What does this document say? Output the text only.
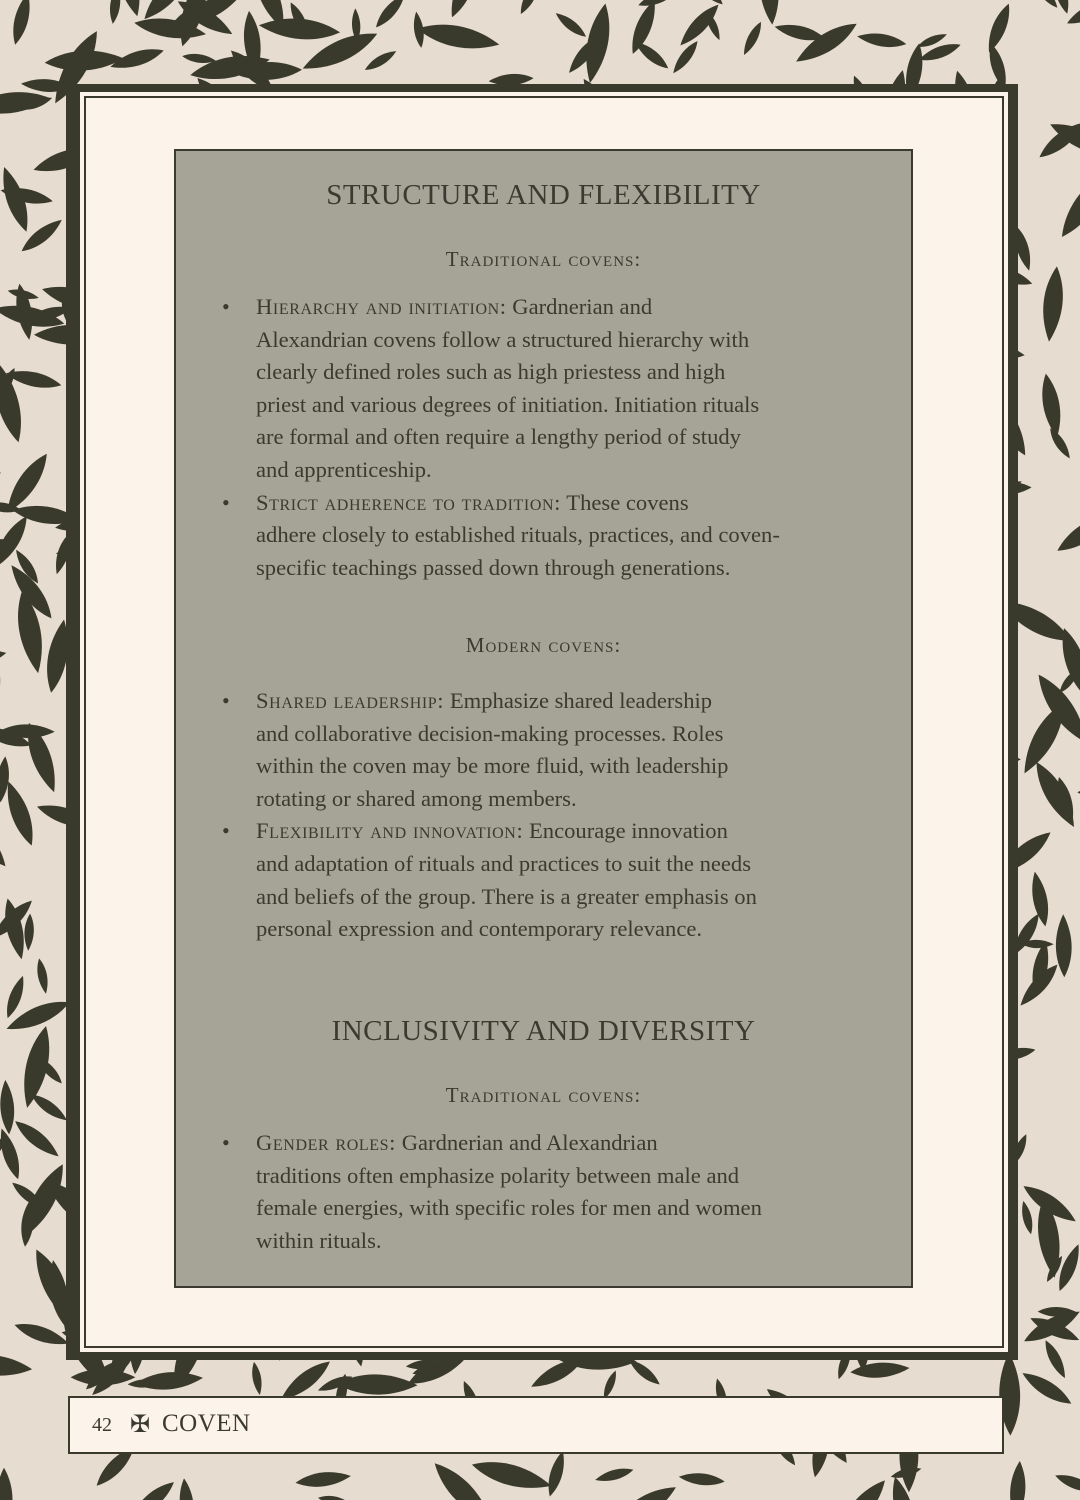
STRUCTURE AND FLEXIBILITY
Traditional covens:
• Hierarchy and initiation: Gardnerian and
Alexandrian covens follow a structured hierarchy with
clearly defined roles such as high priestess and high
priest and various degrees of initiation. Initiation rituals
are formal and often require a lengthy period of study
and apprenticeship.
• Strict adherence to tradition: These covens
adhere closely to established rituals, practices, and coven-
specific teachings passed down through generations.
Modern covens:
• Shared leadership: Emphasize shared leadership
and collaborative decision-making processes. Roles
within the coven may be more fluid, with leadership
rotating or shared among members.
• Flexibility and innovation: Encourage innovation
and adaptation of rituals and practices to suit the needs
and beliefs of the group. There is a greater emphasis on
personal expression and contemporary relevance.
INCLUSIVITY AND DIVERSITY
Traditional covens:
• Gender roles: Gardnerian and Alexandrian
traditions often emphasize polarity between male and
female energies, with specific roles for men and women
within rituals.
42 ✠ COVEN
